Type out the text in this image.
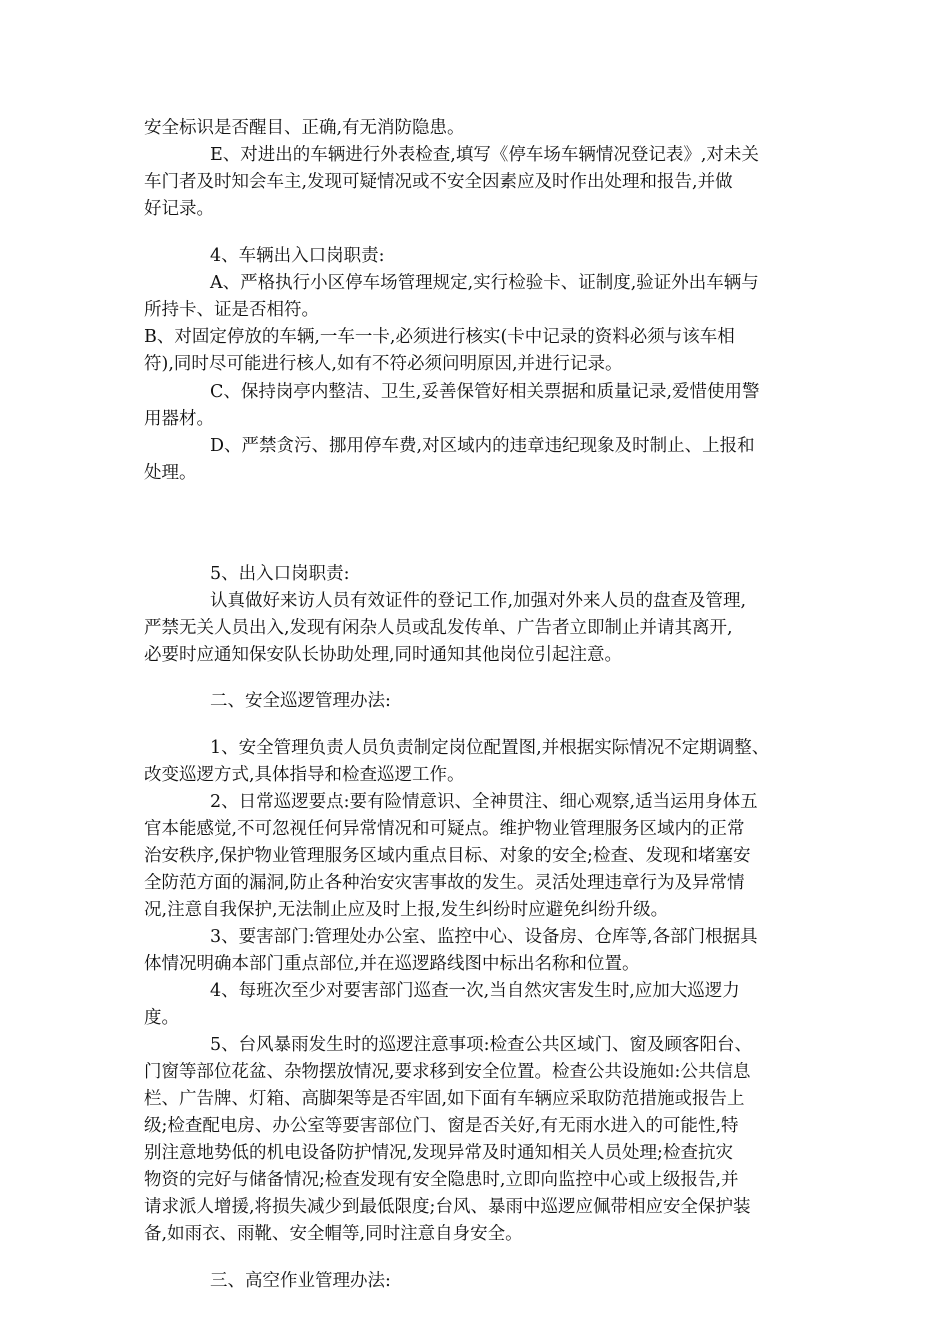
安全标识是否醒目、正确,有无消防隐患。
E、对进出的车辆进行外表检查,填写《停车场车辆情况登记表》,对未关
车门者及时知会车主,发现可疑情况或不安全因素应及时作出处理和报告,并做
好记录。
4、车辆出入口岗职责:
A、严格执行小区停车场管理规定,实行检验卡、证制度,验证外出车辆与
所持卡、证是否相符。
B、对固定停放的车辆,一车一卡,必须进行核实(卡中记录的资料必须与该车相
符),同时尽可能进行核人,如有不符必须问明原因,并进行记录。
C、保持岗亭内整洁、卫生,妥善保管好相关票据和质量记录,爱惜使用警
用器材。
D、严禁贪污、挪用停车费,对区域内的违章违纪现象及时制止、上报和
处理。
5、出入口岗职责:
认真做好来访人员有效证件的登记工作,加强对外来人员的盘查及管理,
严禁无关人员出入,发现有闲杂人员或乱发传单、广告者立即制止并请其离开,
必要时应通知保安队长协助处理,同时通知其他岗位引起注意。
二、安全巡逻管理办法:
1、安全管理负责人员负责制定岗位配置图,并根据实际情况不定期调整、
改变巡逻方式,具体指导和检查巡逻工作。
2、日常巡逻要点:要有险情意识、全神贯注、细心观察,适当运用身体五
官本能感觉,不可忽视任何异常情况和可疑点。维护物业管理服务区域内的正常
治安秩序,保护物业管理服务区域内重点目标、对象的安全;检查、发现和堵塞安
全防范方面的漏洞,防止各种治安灾害事故的发生。灵活处理违章行为及异常情
况,注意自我保护,无法制止应及时上报,发生纠纷时应避免纠纷升级。
3、要害部门:管理处办公室、监控中心、设备房、仓库等,各部门根据具
体情况明确本部门重点部位,并在巡逻路线图中标出名称和位置。
4、每班次至少对要害部门巡查一次,当自然灾害发生时,应加大巡逻力
度。
5、台风暴雨发生时的巡逻注意事项:检查公共区域门、窗及顾客阳台、
门窗等部位花盆、杂物摆放情况,要求移到安全位置。检查公共设施如:公共信息
栏、广告牌、灯箱、高脚架等是否牢固,如下面有车辆应采取防范措施或报告上
级;检查配电房、办公室等要害部位门、窗是否关好,有无雨水进入的可能性,特
别注意地势低的机电设备防护情况,发现异常及时通知相关人员处理;检查抗灾
物资的完好与储备情况;检查发现有安全隐患时,立即向监控中心或上级报告,并
请求派人增援,将损失减少到最低限度;台风、暴雨中巡逻应佩带相应安全保护装
备,如雨衣、雨靴、安全帽等,同时注意自身安全。
三、高空作业管理办法:
